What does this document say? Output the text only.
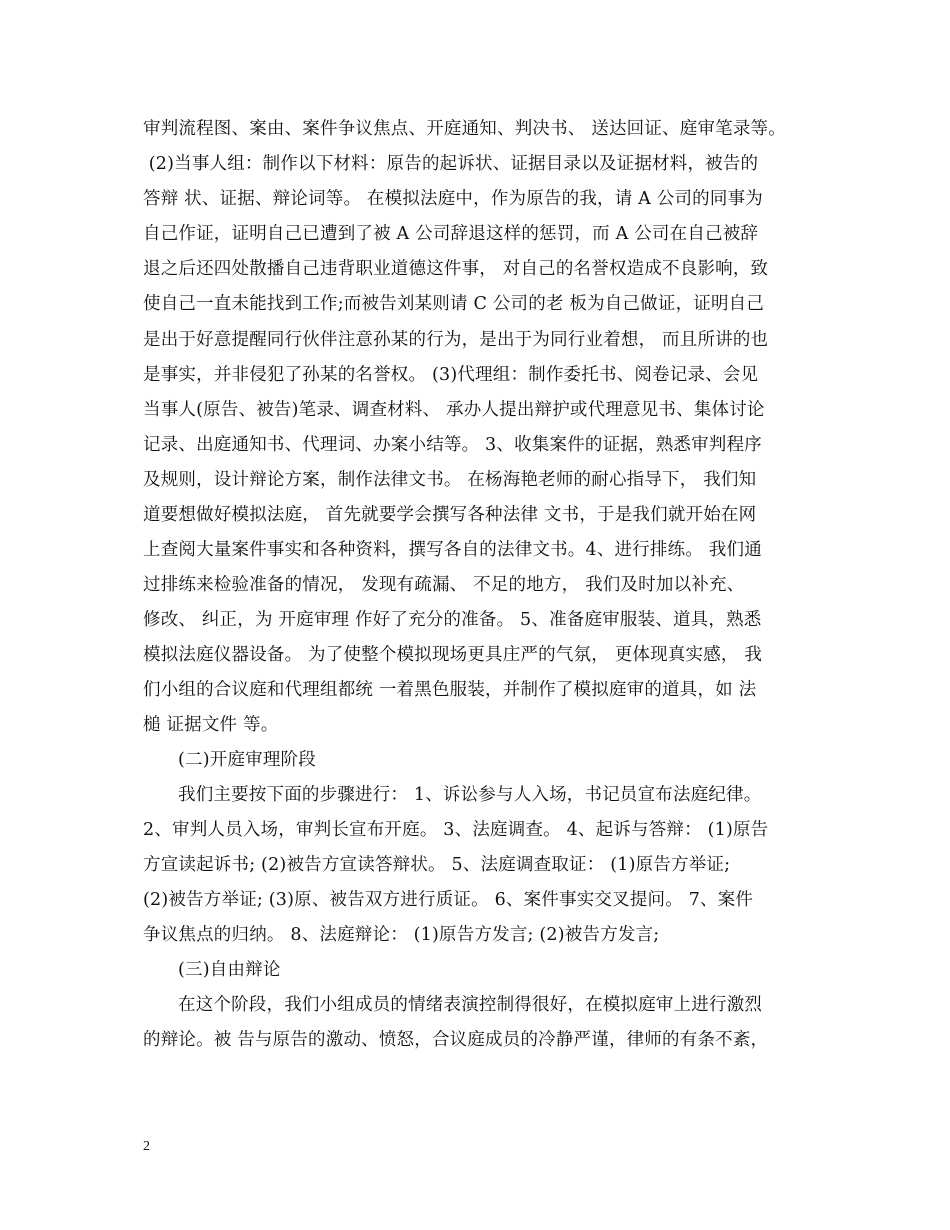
审判流程图、案由、案件争议焦点、开庭通知、判决书、 送达回证、庭审笔录等。
(2)当事人组：制作以下材料：原告的起诉状、证据目录以及证据材料，被告的
答辩 状、证据、辩论词等。 在模拟法庭中，作为原告的我，请 A 公司的同事为
自己作证，证明自己已遭到了被 A 公司辞退这样的惩罚，而 A 公司在自己被辞
退之后还四处散播自己违背职业道德这件事， 对自己的名誉权造成不良影响，致
使自己一直未能找到工作;而被告刘某则请 C 公司的老 板为自己做证，证明自己
是出于好意提醒同行伙伴注意孙某的行为，是出于为同行业着想， 而且所讲的也
是事实，并非侵犯了孙某的名誉权。 (3)代理组：制作委托书、阅卷记录、会见
当事人(原告、被告)笔录、调查材料、 承办人提出辩护或代理意见书、集体讨论
记录、出庭通知书、代理词、办案小结等。 3、收集案件的证据，熟悉审判程序
及规则，设计辩论方案，制作法律文书。 在杨海艳老师的耐心指导下， 我们知
道要想做好模拟法庭， 首先就要学会撰写各种法律 文书，于是我们就开始在网
上查阅大量案件事实和各种资料，撰写各自的法律文书。4、进行排练。 我们通
过排练来检验准备的情况， 发现有疏漏、 不足的地方， 我们及时加以补充、
修改、 纠正，为 开庭审理 作好了充分的准备。 5、准备庭审服装、道具，熟悉
模拟法庭仪器设备。 为了使整个模拟现场更具庄严的气氛， 更体现真实感， 我
们小组的合议庭和代理组都统 一着黑色服装，并制作了模拟庭审的道具，如 法
槌 证据文件 等。
(二)开庭审理阶段
我们主要按下面的步骤进行： 1、诉讼参与人入场，书记员宣布法庭纪律。
2、审判人员入场，审判长宣布开庭。 3、法庭调查。 4、起诉与答辩： (1)原告
方宣读起诉书; (2)被告方宣读答辩状。 5、法庭调查取证： (1)原告方举证;
(2)被告方举证; (3)原、被告双方进行质证。 6、案件事实交叉提问。 7、案件
争议焦点的归纳。 8、法庭辩论： (1)原告方发言; (2)被告方发言;
(三)自由辩论
在这个阶段，我们小组成员的情绪表演控制得很好，在模拟庭审上进行激烈
的辩论。被 告与原告的激动、愤怒，合议庭成员的冷静严谨，律师的有条不紊，
2
